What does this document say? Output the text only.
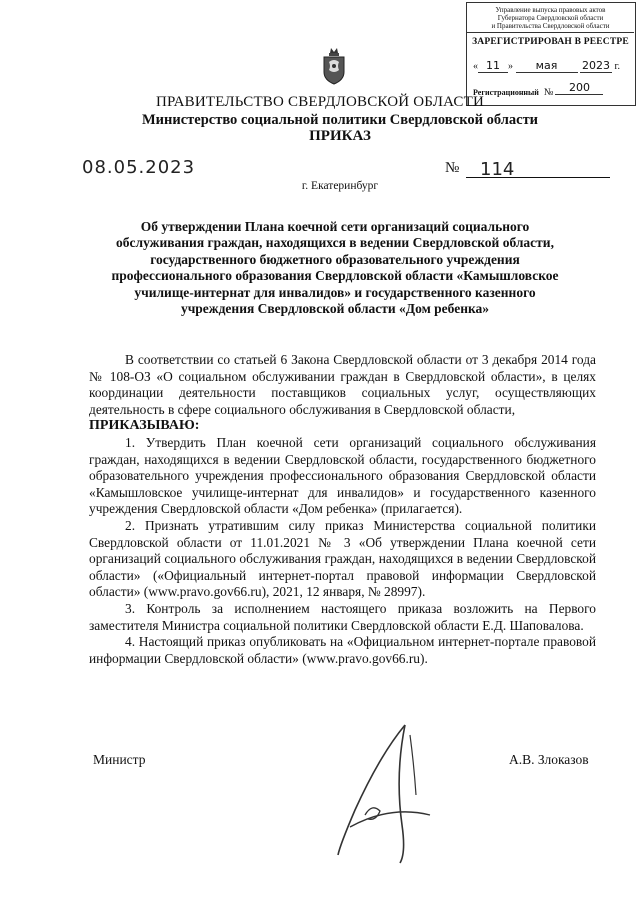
Управление выпуска правовых актов
Губернатора Свердловской области
и Правительства Свердловской области
ЗАРЕГИСТРИРОВАН В РЕЕСТРЕ
« 11 » мая 2023 г.
Регистрационный № 200
ПРАВИТЕЛЬСТВО СВЕРДЛОВСКОЙ ОБЛАСТИ
Министерство социальной политики Свердловской области
ПРИКАЗ
08.05.2023	№ 114
г. Екатеринбург
Об утверждении Плана коечной сети организаций социального
обслуживания граждан, находящихся в ведении Свердловской области,
государственного бюджетного образовательного учреждения
профессионального образования Свердловской области «Камышловское
училище-интернат для инвалидов» и государственного казенного
учреждения Свердловской области «Дом ребенка»

В соответствии со статьей 6 Закона Свердловской области от 3 декабря 2014 года № 108-ОЗ «О социальном обслуживании граждан в Свердловской области», в целях координации деятельности поставщиков социальных услуг, осуществляющих деятельность в сфере социального обслуживания в Свердловской области,

ПРИКАЗЫВАЮ:

1. Утвердить План коечной сети организаций социального обслуживания граждан, находящихся в ведении Свердловской области, государственного бюджетного образовательного учреждения профессионального образования Свердловской области «Камышловское училище-интернат для инвалидов» и государственного казенного учреждения Свердловской области «Дом ребенка» (прилагается).

2. Признать утратившим силу приказ Министерства социальной политики Свердловской области от 11.01.2021 № 3 «Об утверждении Плана коечной сети организаций социального обслуживания граждан, находящихся в ведении Свердловской области» («Официальный интернет-портал правовой информации Свердловской области» (www.pravo.gov66.ru), 2021, 12 января, № 28997).

3. Контроль за исполнением настоящего приказа возложить на Первого заместителя Министра социальной политики Свердловской области Е.Д. Шаповалова.

4. Настоящий приказ опубликовать на «Официальном интернет-портале правовой информации Свердловской области» (www.pravo.gov66.ru).

Министр	А.В. Злоказов
